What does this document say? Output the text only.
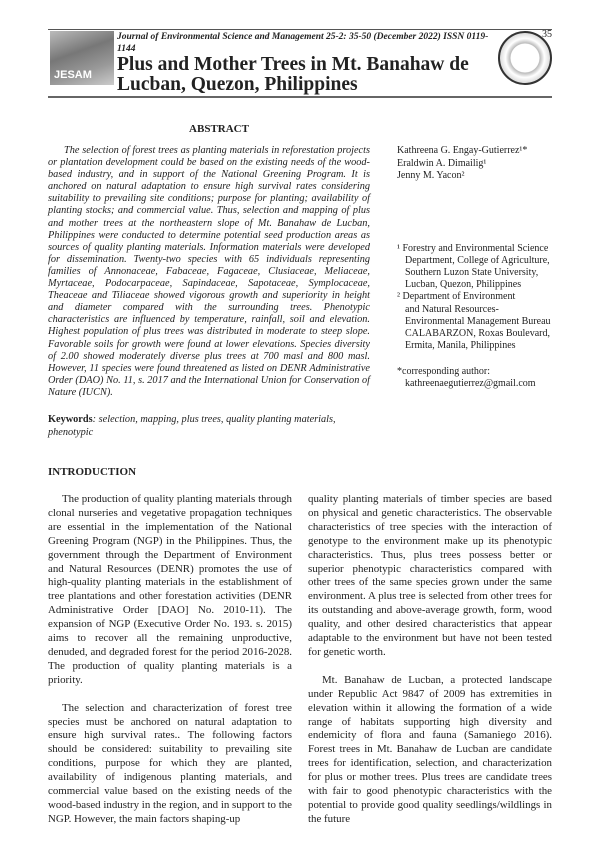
35
JESAM
Journal of Environmental Science and Management 25-2: 35-50 (December 2022) ISSN 0119-1144
Plus and Mother Trees in Mt. Banahaw de Lucban, Quezon, Philippines
ABSTRACT
The selection of forest trees as planting materials in reforestation projects or plantation development could be based on the existing needs of the wood-based industry, and in support of the National Greening Program. It is anchored on natural adaptation to ensure high survival rates considering suitability to prevailing site conditions; purpose for planting; availability of planting stocks; and commercial value. Thus, selection and mapping of plus and mother trees at the northeastern slope of Mt. Banahaw de Lucban, Philippines were conducted to determine potential seed production areas as sources of quality planting materials. Information materials were developed for dissemination. Twenty-two species with 65 individuals representing families of Annonaceae, Fabaceae, Fagaceae, Clusiaceae, Meliaceae, Myrtaceae, Podocarpaceae, Sapindaceae, Sapotaceae, Symplocaceae, Theaceae and Tiliaceae showed vigorous growth and superiority in height and diameter compared with the surrounding trees. Phenotypic characteristics are influenced by temperature, rainfall, soil and elevation. Highest population of plus trees was distributed in moderate to steep slope. Favorable soils for growth were found at lower elevations. Species diversity of 2.00 showed moderately diverse plus trees at 700 masl and 800 masl. However, 11 species were found threatened as listed on DENR Administrative Order (DAO) No. 11, s. 2017 and the International Union for Conservation of Nature (IUCN).
Keywords: selection, mapping, plus trees, quality planting materials, phenotypic
Kathreena G. Engay-Gutierrez¹*
Eraldwin A. Dimailig¹
Jenny M. Yacon²
¹ Forestry and Environmental Science
Department, College of Agriculture,
Southern Luzon State University,
Lucban, Quezon, Philippines
² Department of Environment
and Natural Resources-
Environmental Management Bureau
CALABARZON, Roxas Boulevard,
Ermita, Manila, Philippines
*corresponding author:
kathreenaegutierrez@gmail.com
INTRODUCTION

The production of quality planting materials through clonal nurseries and vegetative propagation techniques are essential in the implementation of the National Greening Program (NGP) in the Philippines. Thus, the government through the Department of Environment and Natural Resources (DENR) promotes the use of high-quality planting materials in the establishment of tree plantations and other forestation activities (DENR Administrative Order [DAO] No. 2010-11). The expansion of NGP (Executive Order No. 193. s. 2015) aims to recover all the remaining unproductive, denuded, and degraded forest for the period 2016-2028. The production of quality planting materials is a priority.

The selection and characterization of forest tree species must be anchored on natural adaptation to ensure high survival rates.. The following factors should be considered: suitability to prevailing site conditions, purpose for which they are planted, availability of indigenous planting materials, and commercial value based on the existing needs of the wood-based industry in the region, and in support to the NGP. However, the main factors shaping-up

quality planting materials of timber species are based on physical and genetic characteristics. The observable characteristics of tree species with the interaction of genotype to the environment make up its phenotypic characteristics. Thus, plus trees possess better or superior phenotypic characteristics compared with other trees of the same species grown under the same environment. A plus tree is selected from other trees for its outstanding and above-average growth, form, wood quality, and other desired characteristics that appear adaptable to the environment but have not been tested for genetic worth.

Mt. Banahaw de Lucban, a protected landscape under Republic Act 9847 of 2009 has extremities in elevation within it allowing the formation of a wide range of habitats supporting high diversity and endemicity of flora and fauna (Samaniego 2016). Forest trees in Mt. Banahaw de Lucban are candidate trees for identification, selection, and characterization for plus or mother trees. Plus trees are candidate trees with fair to good phenotypic characteristics with the potential to provide good quality seedlings/wildlings in the future
